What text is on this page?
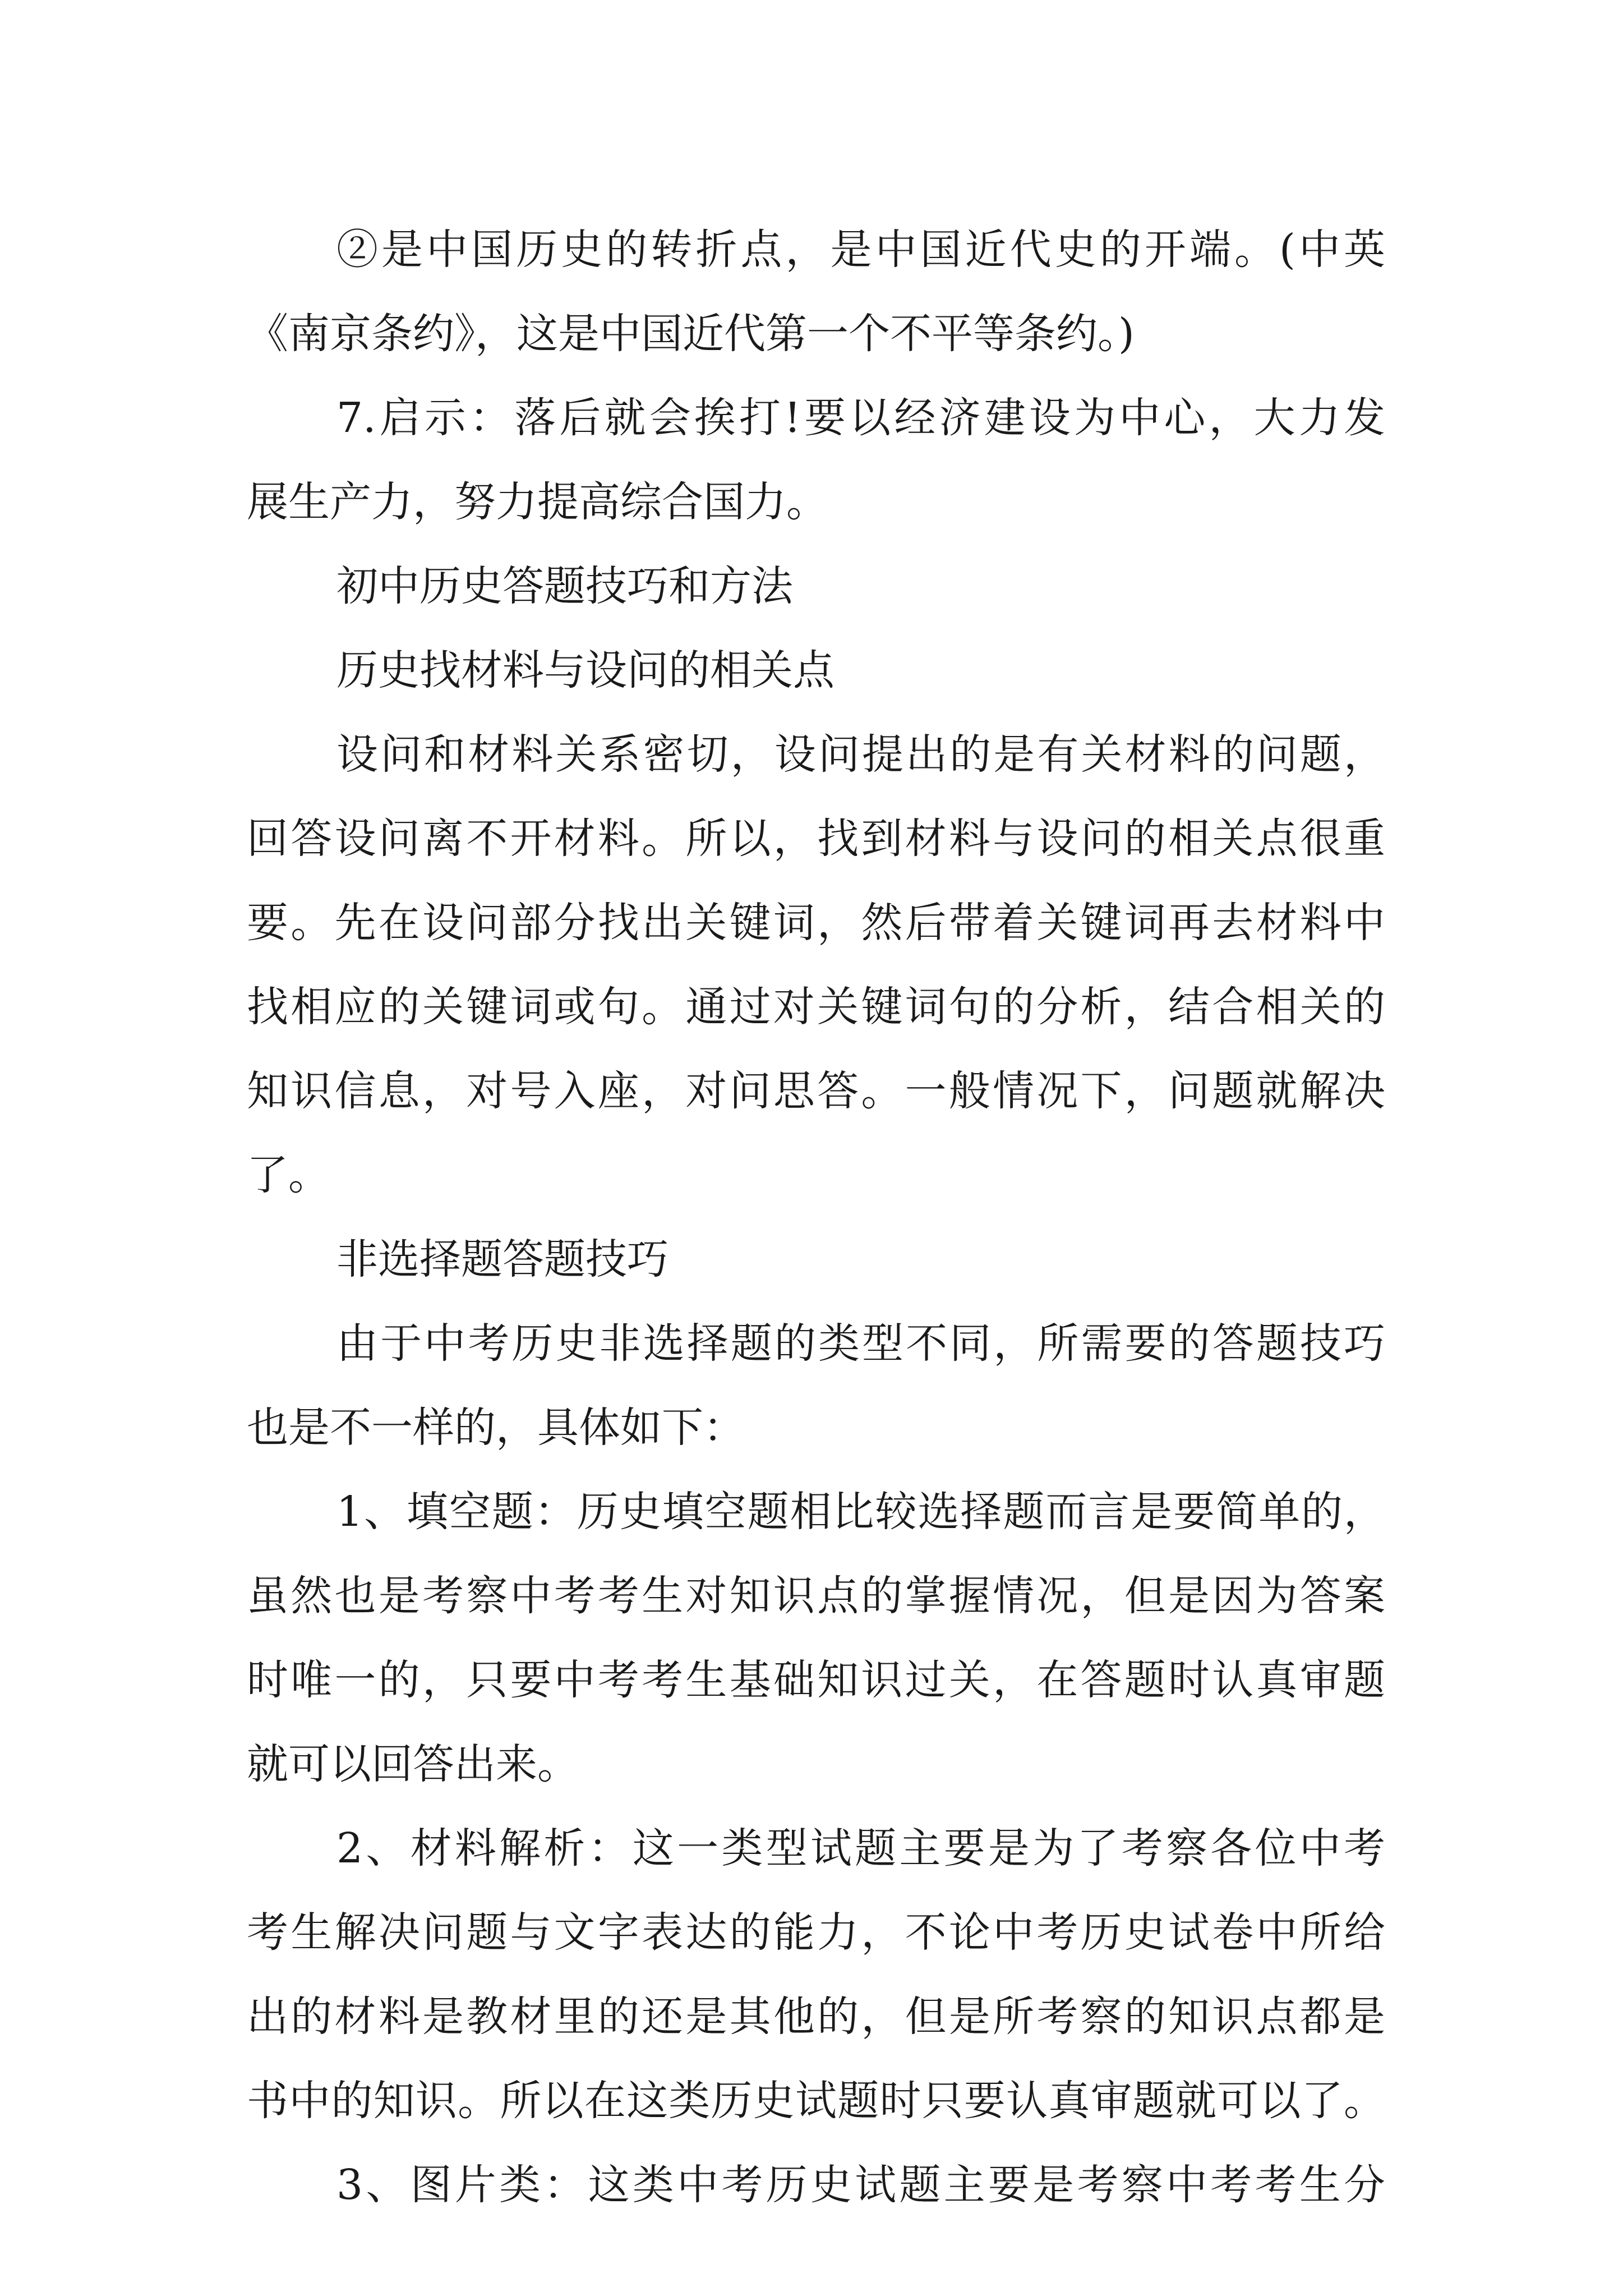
②是中国历史的转折点，是中国近代史的开端。(中英
《南京条约》，这是中国近代第一个不平等条约。)
7.启示：落后就会挨打!要以经济建设为中心，大力发
展生产力，努力提高综合国力。
初中历史答题技巧和方法
历史找材料与设问的相关点
设问和材料关系密切，设问提出的是有关材料的问题，
回答设问离不开材料。所以，找到材料与设问的相关点很重
要。先在设问部分找出关键词，然后带着关键词再去材料中
找相应的关键词或句。通过对关键词句的分析，结合相关的
知识信息，对号入座，对问思答。一般情况下，问题就解决
了。
非选择题答题技巧
由于中考历史非选择题的类型不同，所需要的答题技巧
也是不一样的，具体如下：
1、填空题：历史填空题相比较选择题而言是要简单的，
虽然也是考察中考考生对知识点的掌握情况，但是因为答案
时唯一的，只要中考考生基础知识过关，在答题时认真审题
就可以回答出来。
2、材料解析：这一类型试题主要是为了考察各位中考
考生解决问题与文字表达的能力，不论中考历史试卷中所给
出的材料是教材里的还是其他的，但是所考察的知识点都是
书中的知识。所以在这类历史试题时只要认真审题就可以了。
3、图片类：这类中考历史试题主要是考察中考考生分
